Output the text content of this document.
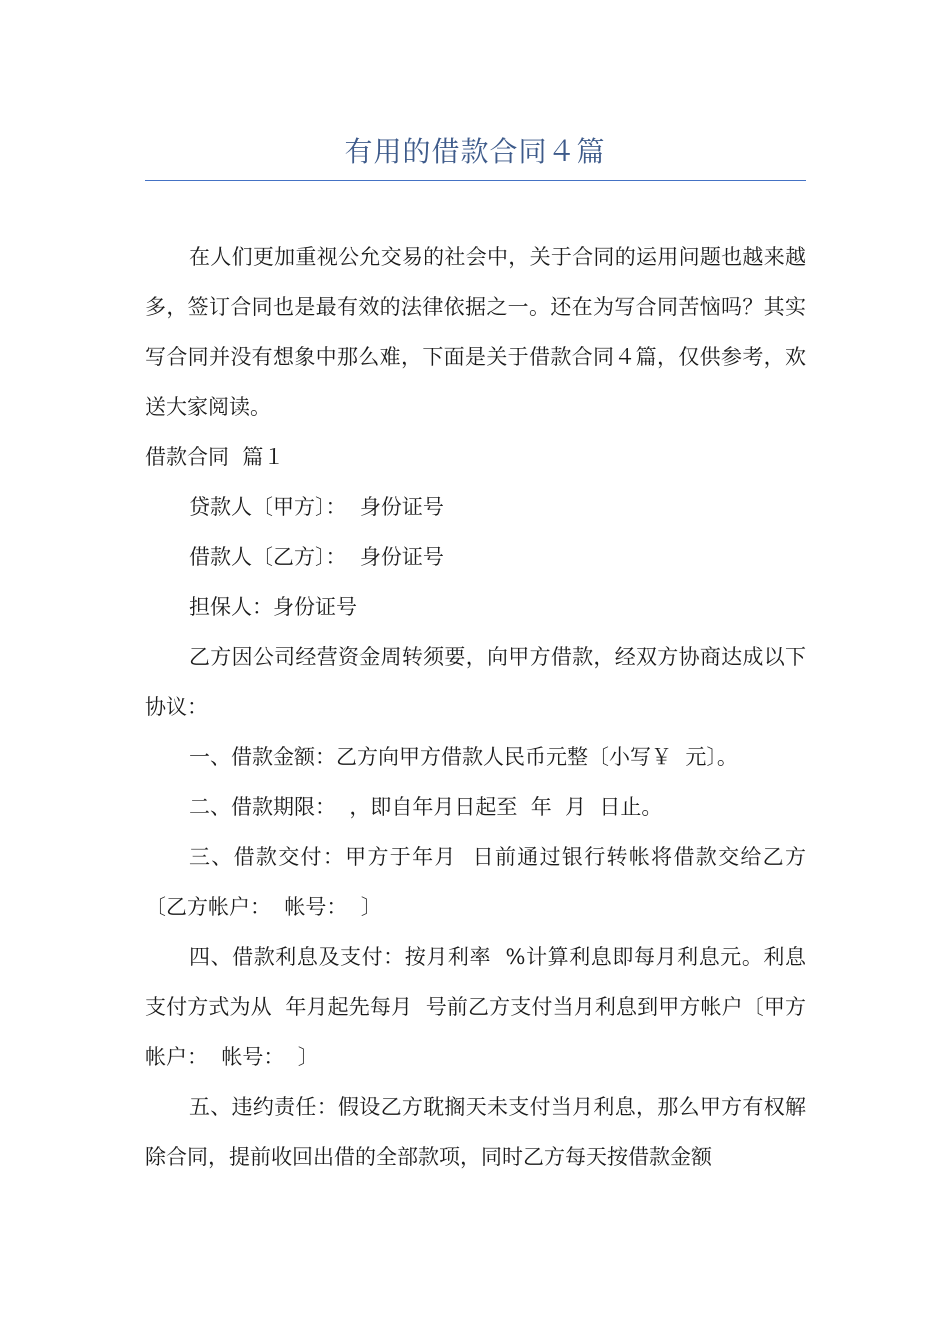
有用的借款合同４篇

在人们更加重视公允交易的社会中，关于合同的运用问题也越来越多，签订合同也是最有效的法律依据之一。还在为写合同苦恼吗？其实写合同并没有想象中那么难，下面是关于借款合同４篇，仅供参考，欢送大家阅读。

借款合同  篇１

贷款人〔甲方〕：  身份证号

借款人〔乙方〕：  身份证号

担保人：身份证号

乙方因公司经营资金周转须要，向甲方借款，经双方协商达成以下协议：

一、借款金额：乙方向甲方借款人民币元整〔小写￥  元〕。

二、借款期限：  ，即自年月日起至  年  月  日止。

三、借款交付：甲方于年月  日前通过银行转帐将借款交给乙方〔乙方帐户：  帐号：  〕

四、借款利息及支付：按月利率  %计算利息即每月利息元。利息支付方式为从  年月起先每月  号前乙方支付当月利息到甲方帐户〔甲方帐户：  帐号：  〕

五、违约责任：假设乙方耽搁天未支付当月利息，那么甲方有权解除合同，提前收回出借的全部款项，同时乙方每天按借款金额
